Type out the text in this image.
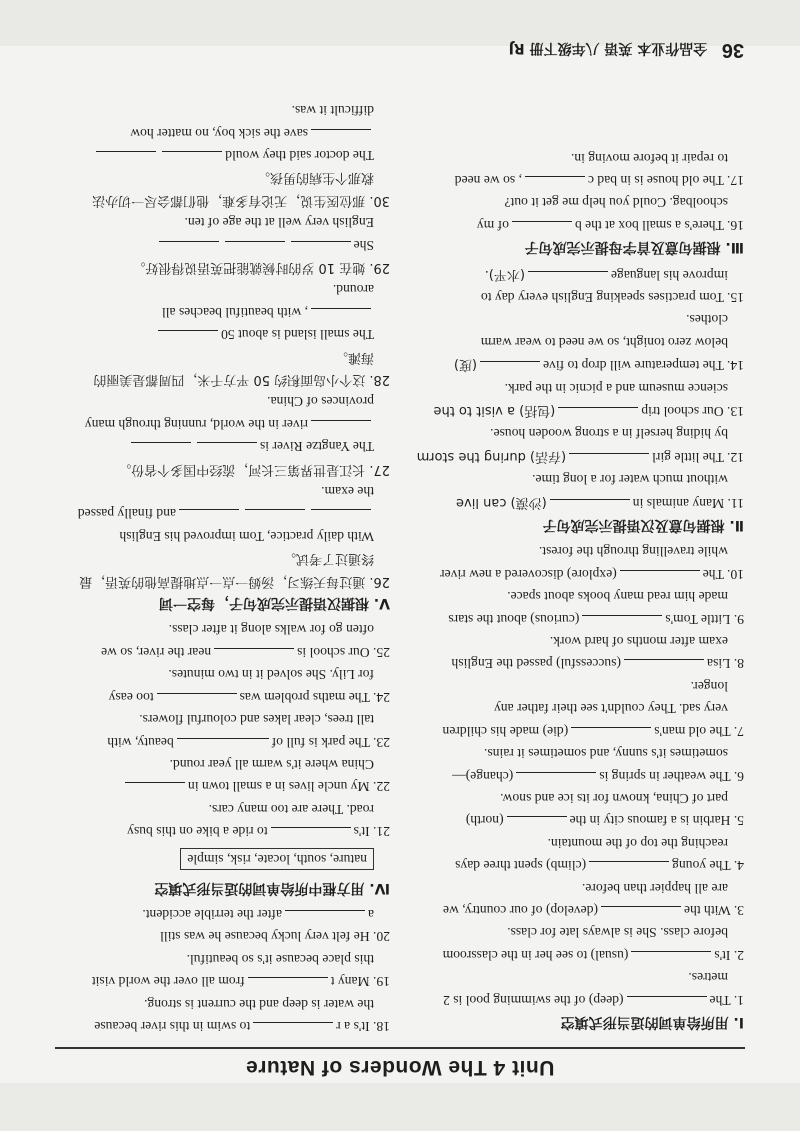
Unit 4 The Wonders of Nature
Ⅰ. 用所给单词的适当形式填空
1. The(deep) of the swimming pool is 2
metres.
2. It's(usual) to see her in the classroom
before class. She is always late for class.
3. With the(develop) of our country, we
are all happier than before.
4. The young(climb) spent three days
reaching the top of the mountain.
5. Harbin is a famous city in the(north)
part of China, known for its ice and snow.
6. The weather in spring is(change)—
sometimes it's sunny, and sometimes it rains.
7. The old man's(die) made his children
very sad. They couldn't see their father any
longer.
8. Lisa(successful) passed the English
exam after months of hard work.
9. Little Tom's(curious) about the stars
made him read many books about space.
10. The(explore) discovered a new river
while travelling through the forest.
Ⅱ. 根据句意及汉语提示完成句子
11. Many animals in(沙漠) can live
without much water for a long time.
12. The little girl(存活) during the storm
by hiding herself in a strong wooden house.
13. Our school trip(包括) a visit to the
science museum and a picnic in the park.
14. The temperature will drop to five(度)
below zero tonight, so we need to wear warm
clothes.
15. Tom practises speaking English every day to
improve his language(水平).
Ⅲ. 根据句意及首字母提示完成句子
16. There's a small box at the bof my
schoolbag. Could you help me get it out?
17. The old house is in bad c, so we need
to repair it before moving in.
18. It's a rto swim in this river because
the water is deep and the current is strong.
19. Many tfrom all over the world visit
this place because it's so beautiful.
20. He felt very lucky because he was still
aafter the terrible accident.
Ⅳ. 用方框中所给单词的适当形式填空
nature, south, locate, risk, simple
21. It'sto ride a bike on this busy
road. There are too many cars.
22. My uncle lives in a small town in
China where it's warm all year round.
23. The park is full ofbeauty, with
tall trees, clear lakes and colourful flowers.
24. The maths problem wastoo easy
for Lily. She solved it in two minutes.
25. Our school isnear the river, so we
often go for walks along it after class.
Ⅴ. 根据汉语提示完成句子，每空一词
26. 通过每天练习，汤姆一点一点地提高他的英语，最
终通过了考试。
With daily practice, Tom improved his English
and finally passed
the exam.
27. 长江是世界第三长河，流经中国多个省份。
The Yangtze River is
river in the world, running through many
provinces of China.
28. 这个小岛面积约 50 平方千米，四周都是美丽的
海滩。
The small island is about 50
, with beautiful beaches all
around.
29. 她在 10 岁的时候就能把英语说得很好。
She
English very well at the age of ten.
30. 那位医生说，无论有多难，他们都会尽一切办法
救那个生病的男孩。
The doctor said they would
save the sick boy, no matter how
difficult it was.
36 全品作业本 英语 八年级下册 RJ
